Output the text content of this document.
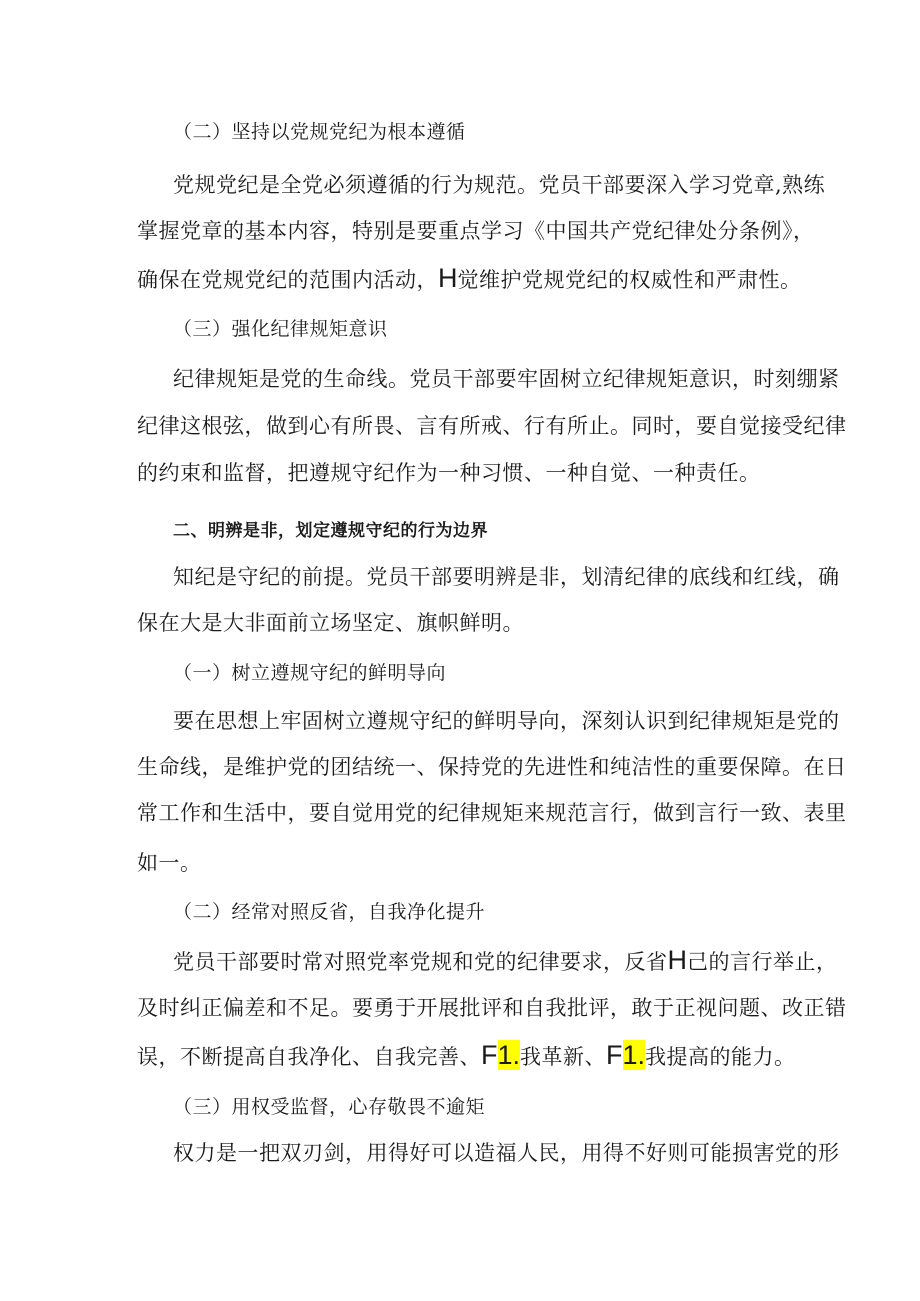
（二）坚持以党规党纪为根本遵循

党规党纪是全党必须遵循的行为规范。党员干部要深入学习党章,熟练

掌握党章的基本内容，特别是要重点学习《中国共产党纪律处分条例》，

确保在党规党纪的范围内活动，H觉维护党规党纪的权威性和严肃性。

（三）强化纪律规矩意识

纪律规矩是党的生命线。党员干部要牢固树立纪律规矩意识，时刻绷紧

纪律这根弦，做到心有所畏、言有所戒、行有所止。同时，要自觉接受纪律

的约束和监督，把遵规守纪作为一种习惯、一种自觉、一种责任。

二、明辨是非，划定遵规守纪的行为边界

知纪是守纪的前提。党员干部要明辨是非，划清纪律的底线和红线，确

保在大是大非面前立场坚定、旗帜鲜明。

（一）树立遵规守纪的鲜明导向

要在思想上牢固树立遵规守纪的鲜明导向，深刻认识到纪律规矩是党的

生命线，是维护党的团结统一、保持党的先进性和纯洁性的重要保障。在日

常工作和生活中，要自觉用党的纪律规矩来规范言行，做到言行一致、表里

如一。

（二）经常对照反省，自我净化提升

党员干部要时常对照党率党规和党的纪律要求，反省H己的言行举止，

及时纠正偏差和不足。要勇于开展批评和自我批评，敢于正视问题、改正错

误，不断提高自我净化、自我完善、F1.我革新、F1.我提高的能力。

（三）用权受监督，心存敬畏不逾矩

权力是一把双刃剑，用得好可以造福人民，用得不好则可能损害党的形
